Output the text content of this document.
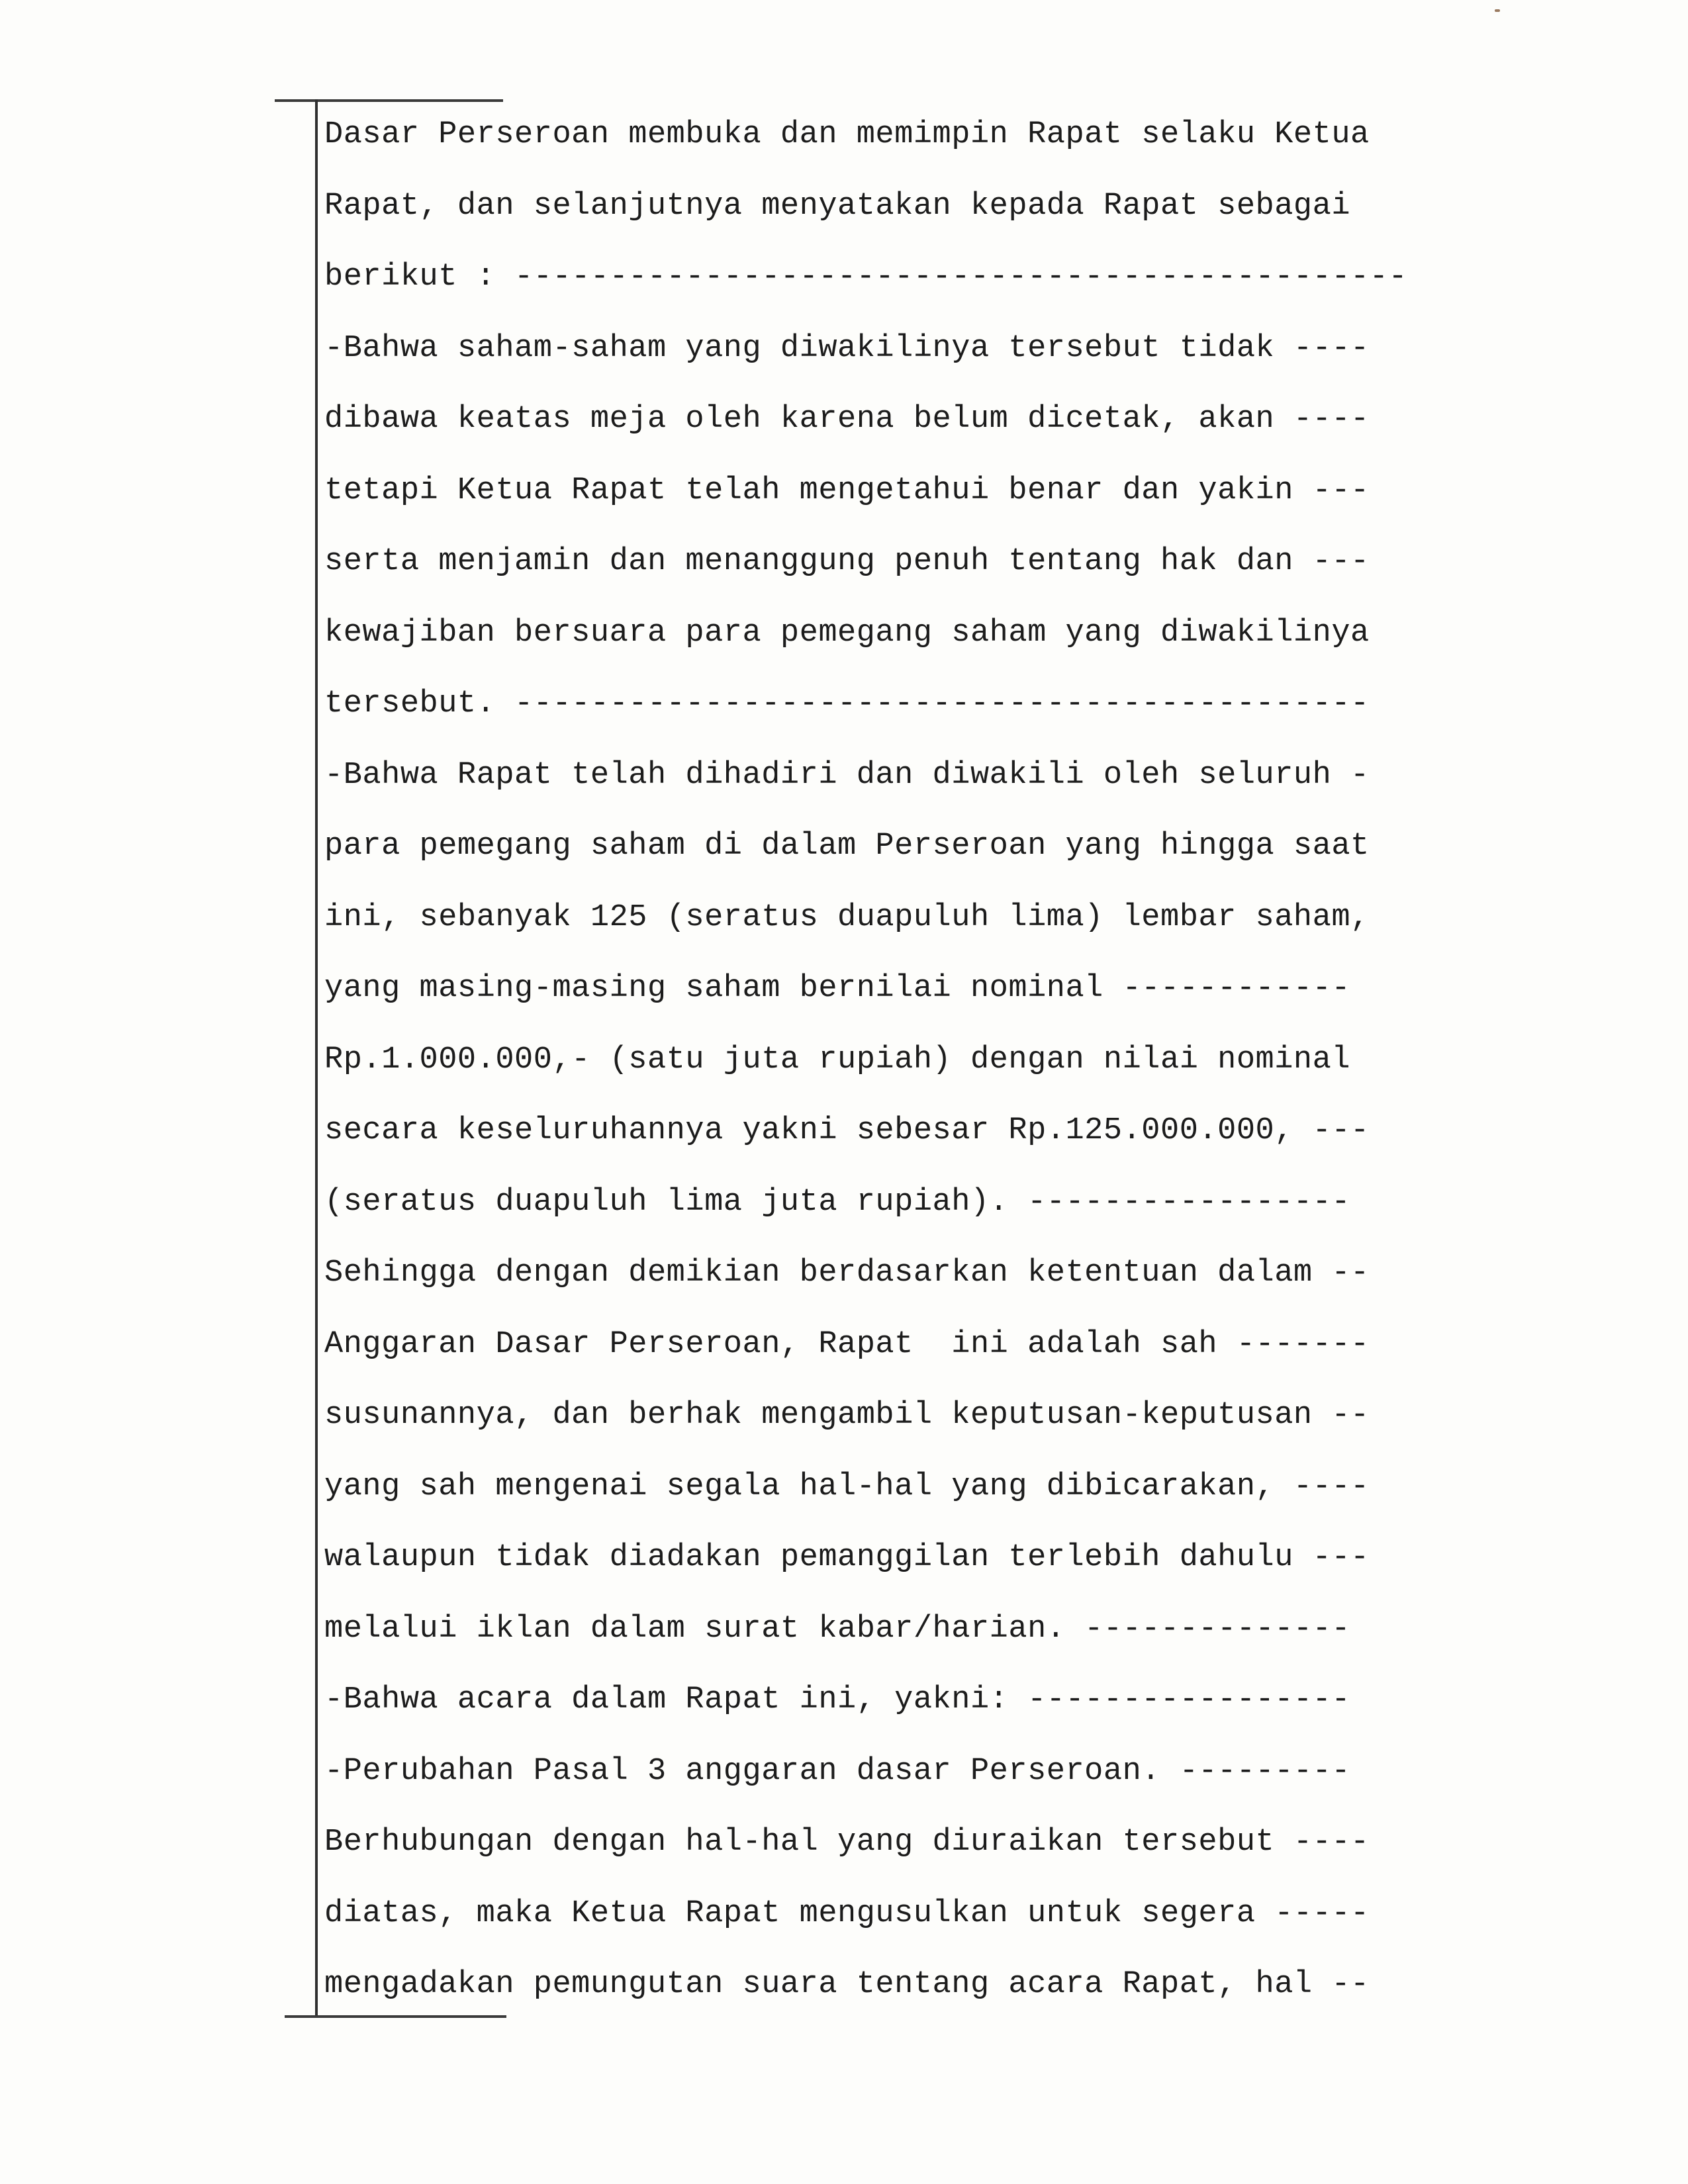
Dasar Perseroan membuka dan memimpin Rapat selaku Ketua
Rapat, dan selanjutnya menyatakan kepada Rapat sebagai
berikut : -----------------------------------------------
-Bahwa saham-saham yang diwakilinya tersebut tidak ----
dibawa keatas meja oleh karena belum dicetak, akan ----
tetapi Ketua Rapat telah mengetahui benar dan yakin ---
serta menjamin dan menanggung penuh tentang hak dan ---
kewajiban bersuara para pemegang saham yang diwakilinya
tersebut. ---------------------------------------------
-Bahwa Rapat telah dihadiri dan diwakili oleh seluruh -
para pemegang saham di dalam Perseroan yang hingga saat
ini, sebanyak 125 (seratus duapuluh lima) lembar saham,
yang masing-masing saham bernilai nominal ------------
Rp.1.000.000,- (satu juta rupiah) dengan nilai nominal
secara keseluruhannya yakni sebesar Rp.125.000.000, ---
(seratus duapuluh lima juta rupiah). -----------------
Sehingga dengan demikian berdasarkan ketentuan dalam --
Anggaran Dasar Perseroan, Rapat  ini adalah sah -------
susunannya, dan berhak mengambil keputusan-keputusan --
yang sah mengenai segala hal-hal yang dibicarakan, ----
walaupun tidak diadakan pemanggilan terlebih dahulu ---
melalui iklan dalam surat kabar/harian. --------------
-Bahwa acara dalam Rapat ini, yakni: -----------------
-Perubahan Pasal 3 anggaran dasar Perseroan. ---------
Berhubungan dengan hal-hal yang diuraikan tersebut ----
diatas, maka Ketua Rapat mengusulkan untuk segera -----
mengadakan pemungutan suara tentang acara Rapat, hal --
